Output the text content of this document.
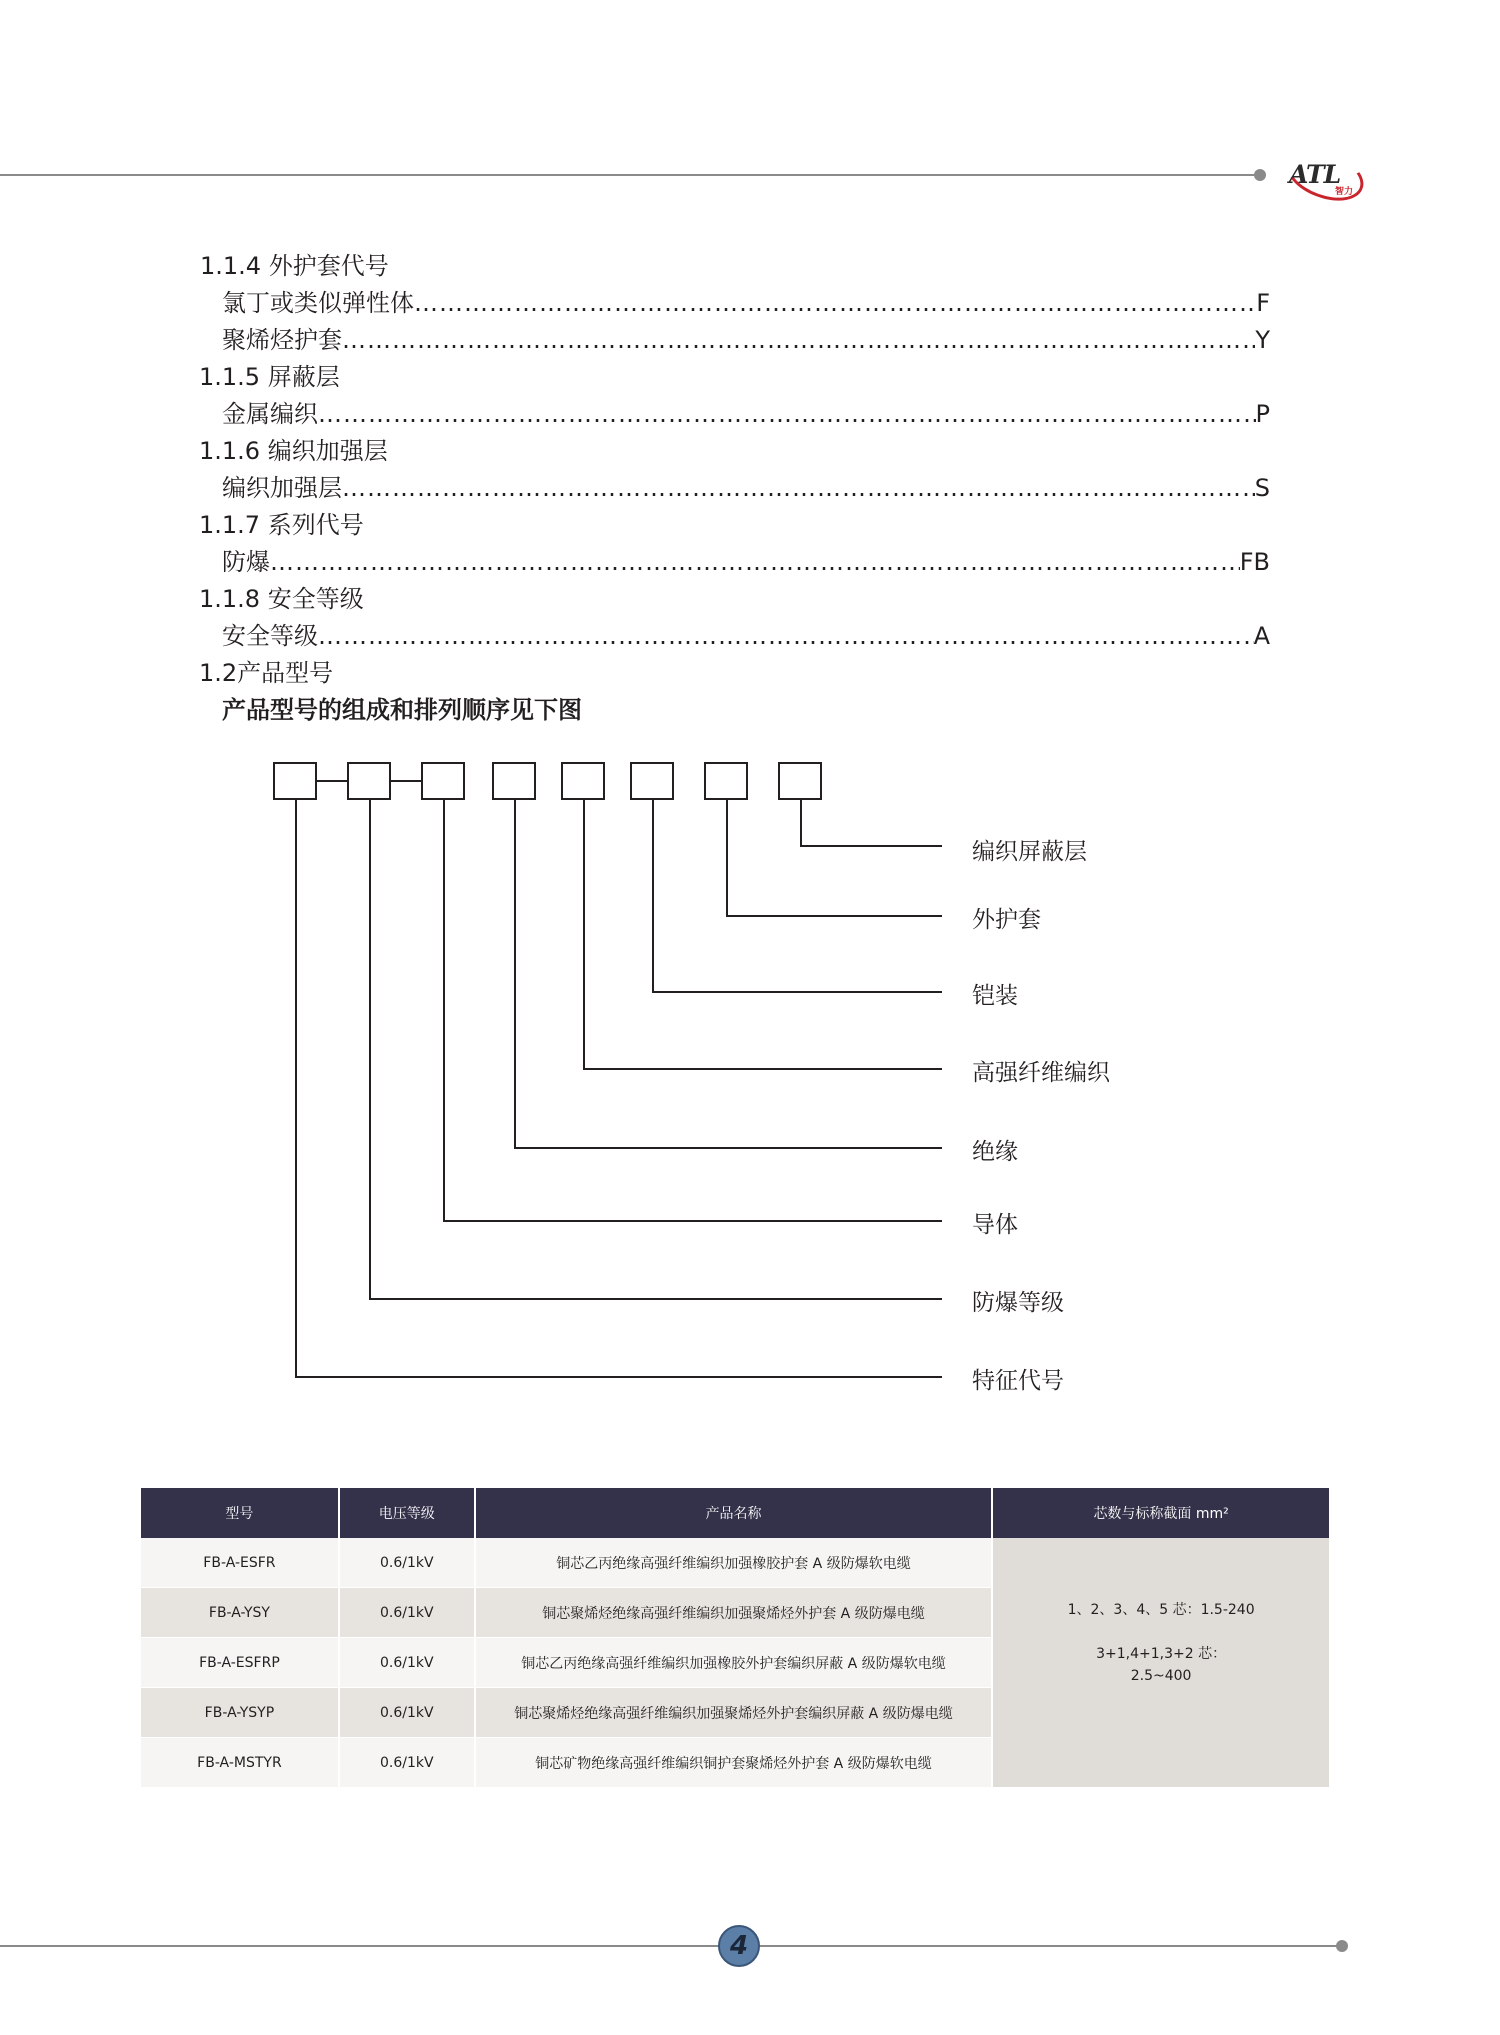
ATL
智力
1.1.4 外护套代号
氯丁或类似弹性体 ……………………………………………………………………………………………………………………………………………………………………………………………………………	F
聚烯烃护套 ……………………………………………………………………………………………………………………………………………………………………………………………………………	Y
1.1.5 屏蔽层
金属编织 ……………………………………………………………………………………………………………………………………………………………………………………………………………	P
1.1.6 编织加强层
编织加强层 ……………………………………………………………………………………………………………………………………………………………………………………………………………	S
1.1.7 系列代号
防爆 ……………………………………………………………………………………………………………………………………………………………………………………………………………	FB
1.1.8 安全等级
安全等级 ……………………………………………………………………………………………………………………………………………………………………………………………………………	A
1.2产品型号
产品型号的组成和排列顺序见下图
编织屏蔽层
外护套
铠装
高强纤维编织
绝缘
导体
防爆等级
特征代号
型号	电压等级	产品名称	芯数与标称截面 mm²
FB-A-ESFR	0.6/1kV	铜芯乙丙绝缘高强纤维编织加强橡胶护套 A 级防爆软电缆	1、2、3、4、5 芯：1.5-240
3+1,4+1,3+2 芯：
2.5~400

FB-A-YSY	0.6/1kV	铜芯聚烯烃绝缘高强纤维编织加强聚烯烃外护套 A 级防爆电缆	
FB-A-ESFRP	0.6/1kV	铜芯乙丙绝缘高强纤维编织加强橡胶外护套编织屏蔽 A 级防爆软电缆	
FB-A-YSYP	0.6/1kV	铜芯聚烯烃绝缘高强纤维编织加强聚烯烃外护套编织屏蔽 A 级防爆电缆	
FB-A-MSTYR	0.6/1kV	铜芯矿物绝缘高强纤维编织铜护套聚烯烃外护套 A 级防爆软电缆	
4
